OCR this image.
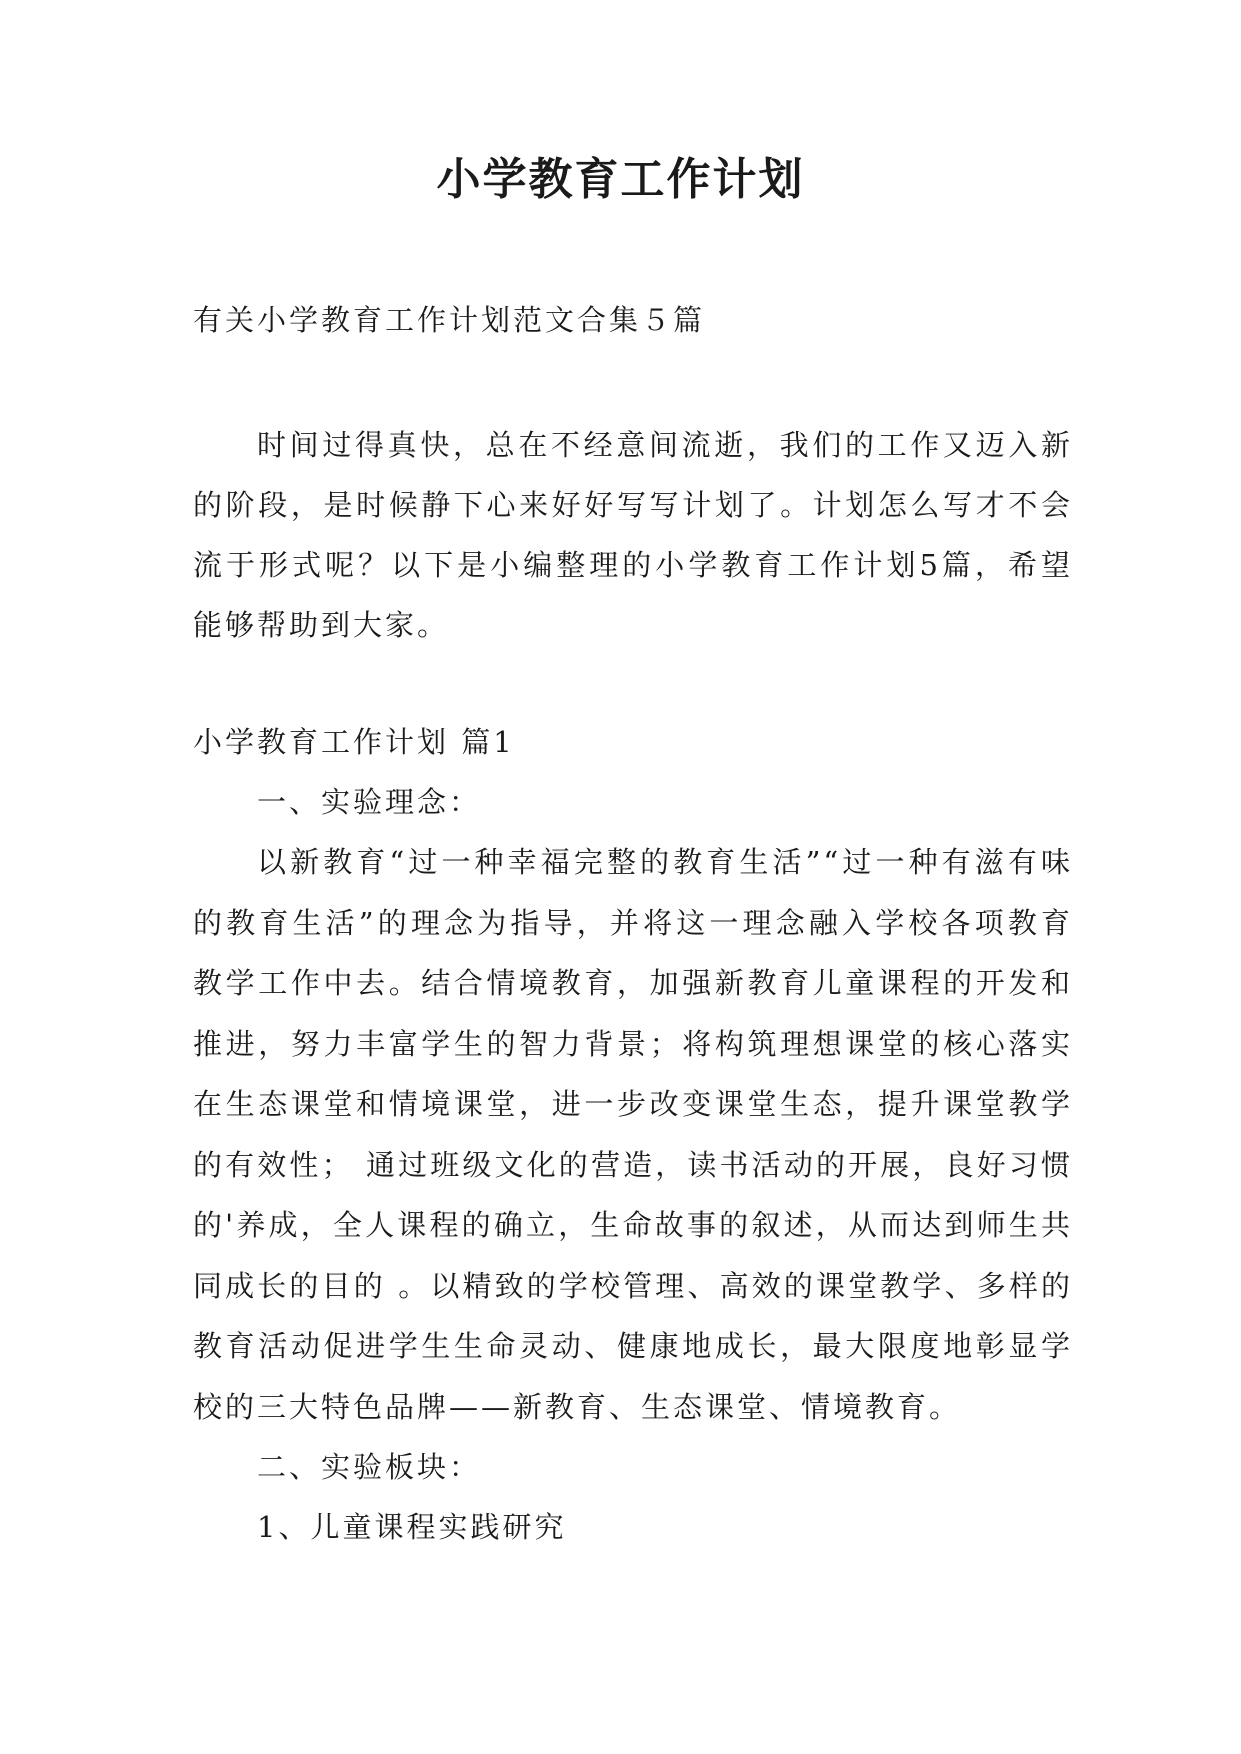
小学教育工作计划

有关小学教育工作计划范文合集５篇

时间过得真快，总在不经意间流逝，我们的工作又迈入新的阶段，是时候静下心来好好写写计划了。计划怎么写才不会流于形式呢？以下是小编整理的小学教育工作计划5篇，希望能够帮助到大家。

小学教育工作计划 篇1

一、实验理念：

以新教育“过一种幸福完整的教育生活”“过一种有滋有味的教育生活”的理念为指导，并将这一理念融入学校各项教育教学工作中去。结合情境教育，加强新教育儿童课程的开发和推进，努力丰富学生的智力背景；将构筑理想课堂的核心落实在生态课堂和情境课堂，进一步改变课堂生态，提升课堂教学的有效性； 通过班级文化的营造，读书活动的开展，良好习惯的'养成，全人课程的确立，生命故事的叙述，从而达到师生共同成长的目的 。以精致的学校管理、高效的课堂教学、多样的教育活动促进学生生命灵动、健康地成长，最大限度地彰显学校的三大特色品牌——新教育、生态课堂、情境教育。

二、实验板块：

1、儿童课程实践研究
